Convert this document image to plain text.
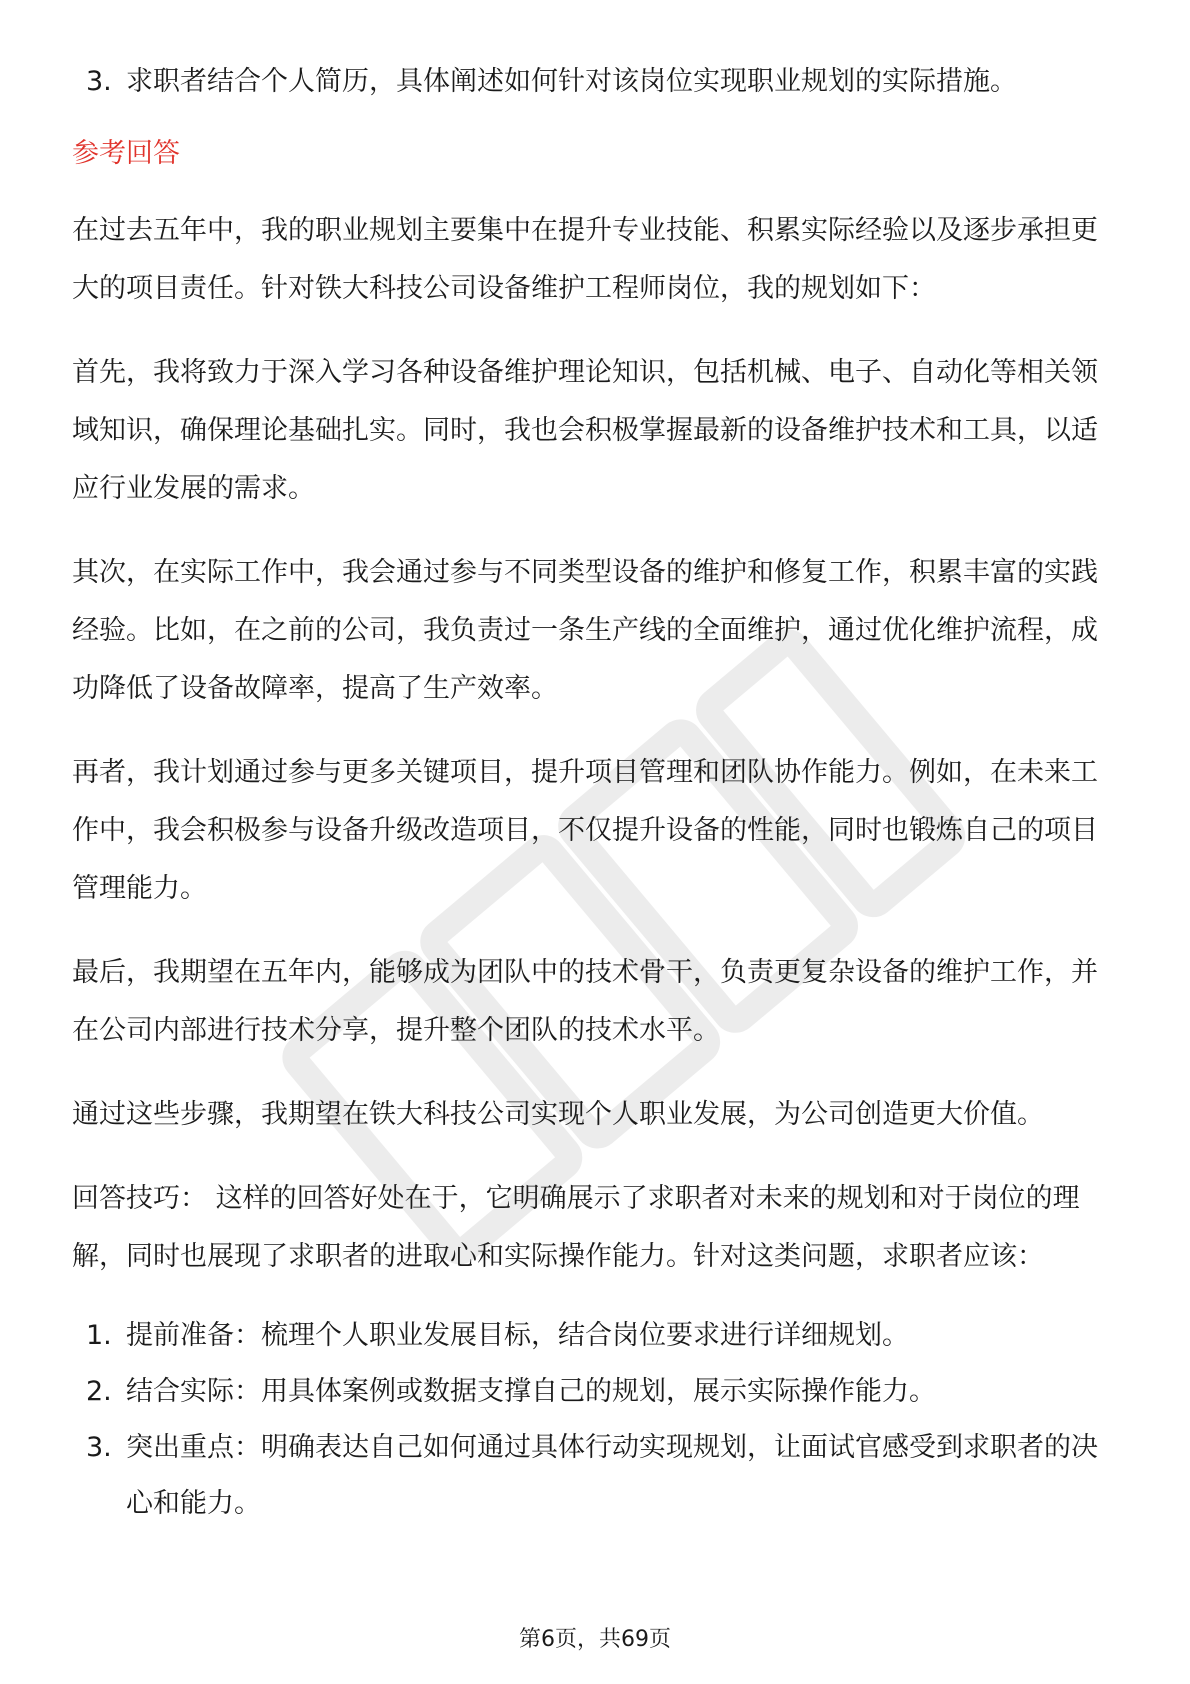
3. 求职者结合个人简历，具体阐述如何针对该岗位实现职业规划的实际措施。

参考回答

在过去五年中，我的职业规划主要集中在提升专业技能、积累实际经验以及逐步承担更大的项目责任。针对铁大科技公司设备维护工程师岗位，我的规划如下：

首先，我将致力于深入学习各种设备维护理论知识，包括机械、电子、自动化等相关领域知识，确保理论基础扎实。同时，我也会积极掌握最新的设备维护技术和工具，以适应行业发展的需求。

其次，在实际工作中，我会通过参与不同类型设备的维护和修复工作，积累丰富的实践经验。比如，在之前的公司，我负责过一条生产线的全面维护，通过优化维护流程，成功降低了设备故障率，提高了生产效率。

再者，我计划通过参与更多关键项目，提升项目管理和团队协作能力。例如，在未来工作中，我会积极参与设备升级改造项目，不仅提升设备的性能，同时也锻炼自己的项目管理能力。

最后，我期望在五年内，能够成为团队中的技术骨干，负责更复杂设备的维护工作，并在公司内部进行技术分享，提升整个团队的技术水平。

通过这些步骤，我期望在铁大科技公司实现个人职业发展，为公司创造更大价值。

回答技巧： 这样的回答好处在于，它明确展示了求职者对未来的规划和对于岗位的理解，同时也展现了求职者的进取心和实际操作能力。针对这类问题，求职者应该：

1. 提前准备：梳理个人职业发展目标，结合岗位要求进行详细规划。
2. 结合实际：用具体案例或数据支撑自己的规划，展示实际操作能力。
3. 突出重点：明确表达自己如何通过具体行动实现规划，让面试官感受到求职者的决心和能力。
第6页，共69页
